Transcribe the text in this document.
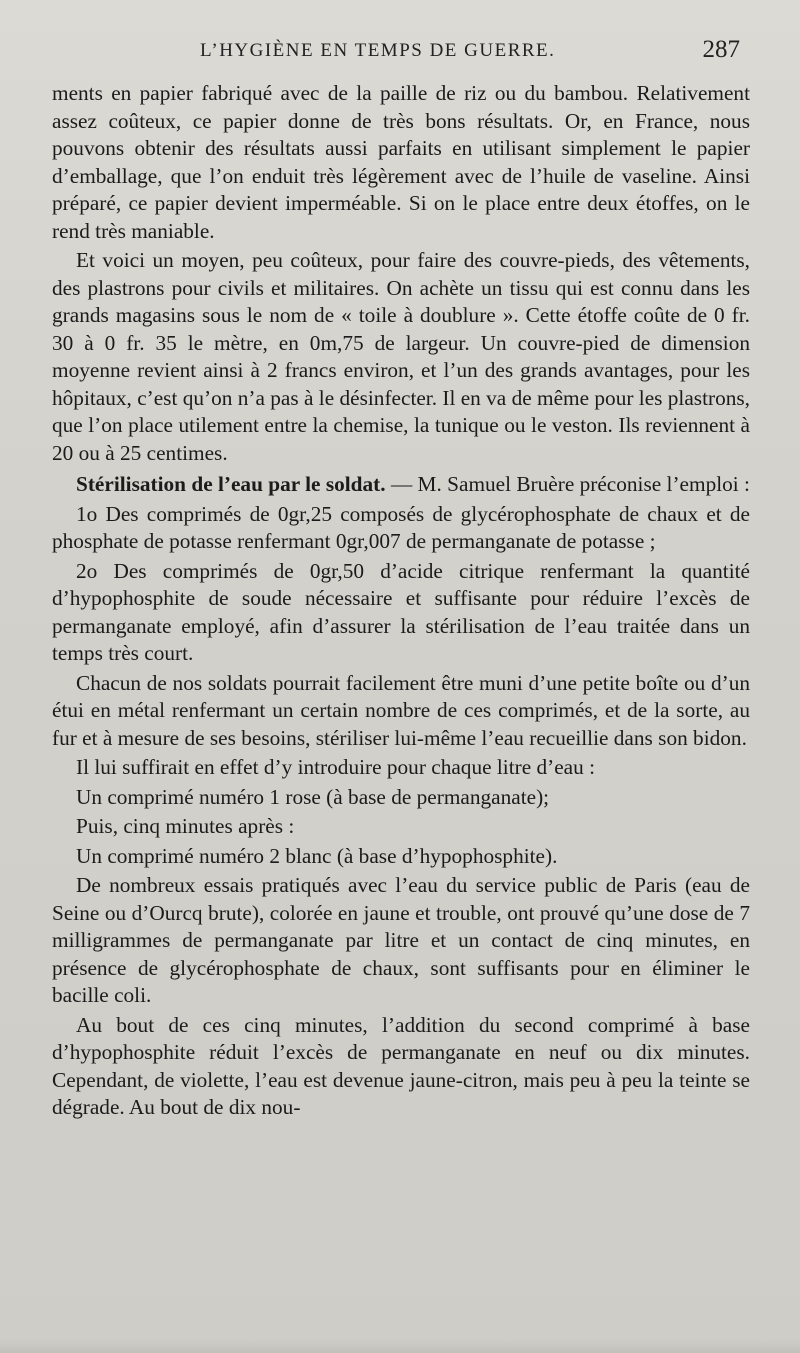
L’HYGIÈNE EN TEMPS DE GUERRE.	287

ments en papier fabriqué avec de la paille de riz ou du bambou. Relativement assez coûteux, ce papier donne de très bons résultats. Or, en France, nous pouvons obtenir des résultats aussi parfaits en utilisant simplement le papier d’emballage, que l’on enduit très légèrement avec de l’huile de vaseline. Ainsi préparé, ce papier devient imperméable. Si on le place entre deux étoffes, on le rend très maniable.

Et voici un moyen, peu coûteux, pour faire des couvre-pieds, des vêtements, des plastrons pour civils et militaires. On achète un tissu qui est connu dans les grands magasins sous le nom de « toile à doublure ». Cette étoffe coûte de 0 fr. 30 à 0 fr. 35 le mètre, en 0m,75 de largeur. Un couvre-pied de dimension moyenne revient ainsi à 2 francs environ, et l’un des grands avantages, pour les hôpitaux, c’est qu’on n’a pas à le désinfecter. Il en va de même pour les plastrons, que l’on place utilement entre la chemise, la tunique ou le veston. Ils reviennent à 20 ou à 25 centimes.

Stérilisation de l’eau par le soldat. — M. Samuel Bruère préconise l’emploi :

1o Des comprimés de 0gr,25 composés de glycérophosphate de chaux et de phosphate de potasse renfermant 0gr,007 de permanganate de potasse ;

2o Des comprimés de 0gr,50 d’acide citrique renfermant la quantité d’hypophosphite de soude nécessaire et suffisante pour réduire l’excès de permanganate employé, afin d’assurer la stérilisation de l’eau traitée dans un temps très court.

Chacun de nos soldats pourrait facilement être muni d’une petite boîte ou d’un étui en métal renfermant un certain nombre de ces comprimés, et de la sorte, au fur et à mesure de ses besoins, stériliser lui-même l’eau recueillie dans son bidon.

Il lui suffirait en effet d’y introduire pour chaque litre d’eau :

Un comprimé numéro 1 rose (à base de permanganate);

Puis, cinq minutes après :

Un comprimé numéro 2 blanc (à base d’hypophosphite).

De nombreux essais pratiqués avec l’eau du service public de Paris (eau de Seine ou d’Ourcq brute), colorée en jaune et trouble, ont prouvé qu’une dose de 7 milligrammes de permanganate par litre et un contact de cinq minutes, en présence de glycérophosphate de chaux, sont suffisants pour en éliminer le bacille coli.

Au bout de ces cinq minutes, l’addition du second comprimé à base d’hypophosphite réduit l’excès de permanganate en neuf ou dix minutes. Cependant, de violette, l’eau est devenue jaune-citron, mais peu à peu la teinte se dégrade. Au bout de dix nou-
